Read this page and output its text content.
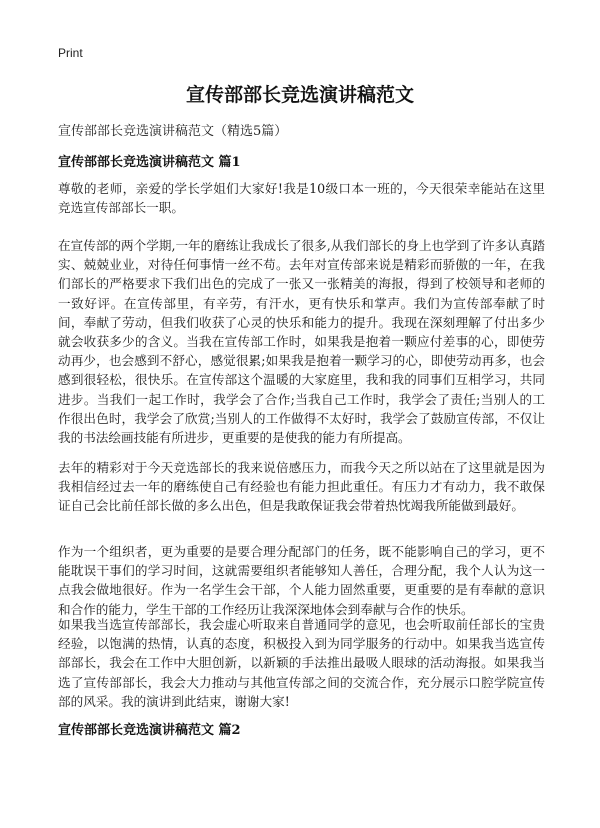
Print
宣传部部长竞选演讲稿范文
宣传部部长竞选演讲稿范文（精选5篇）
宣传部部长竞选演讲稿范文 篇1

尊敬的老师，亲爱的学长学姐们大家好!我是10级口本一班的，今天很荣幸能站在这里竞选宣传部部长一职。

在宣传部的两个学期,一年的磨练让我成长了很多,从我们部长的身上也学到了许多认真踏实、兢兢业业，对待任何事情一丝不苟。去年对宣传部来说是精彩而骄傲的一年，在我们部长的严格要求下我们出色的完成了一张又一张精美的海报，得到了校领导和老师的一致好评。在宣传部里，有辛劳，有汗水，更有快乐和掌声。我们为宣传部奉献了时间，奉献了劳动，但我们收获了心灵的快乐和能力的提升。我现在深刻理解了付出多少就会收获多少的含义。当我在宣传部工作时，如果我是抱着一颗应付差事的心，即使劳动再少，也会感到不舒心，感觉很累;如果我是抱着一颗学习的心，即使劳动再多，也会感到很轻松，很快乐。在宣传部这个温暖的大家庭里，我和我的同事们互相学习，共同进步。当我们一起工作时，我学会了合作;当我自己工作时，我学会了责任;当别人的工作很出色时，我学会了欣赏;当别人的工作做得不太好时，我学会了鼓励宣传部，不仅让我的书法绘画技能有所进步，更重要的是使我的能力有所提高。

去年的精彩对于今天竞选部长的我来说倍感压力，而我今天之所以站在了这里就是因为我相信经过去一年的磨练使自己有经验也有能力担此重任。有压力才有动力，我不敢保证自己会比前任部长做的多么出色，但是我敢保证我会带着热忱竭我所能做到最好。

作为一个组织者，更为重要的是要合理分配部门的任务，既不能影响自己的学习，更不能耽误干事们的学习时间，这就需要组织者能够知人善任，合理分配，我个人认为这一点我会做地很好。作为一名学生会干部，个人能力固然重要，更重要的是有奉献的意识和合作的能力，学生干部的工作经历让我深深地体会到奉献与合作的快乐。

如果我当选宣传部部长，我会虚心听取来自普通同学的意见，也会听取前任部长的宝贵经验，以饱满的热情，认真的态度，积极投入到为同学服务的行动中。如果我当选宣传部部长，我会在工作中大胆创新，以新颖的手法推出最吸人眼球的活动海报。如果我当选了宣传部部长，我会大力推动与其他宣传部之间的交流合作，充分展示口腔学院宣传部的风采。我的演讲到此结束，谢谢大家!

宣传部部长竞选演讲稿范文 篇2
